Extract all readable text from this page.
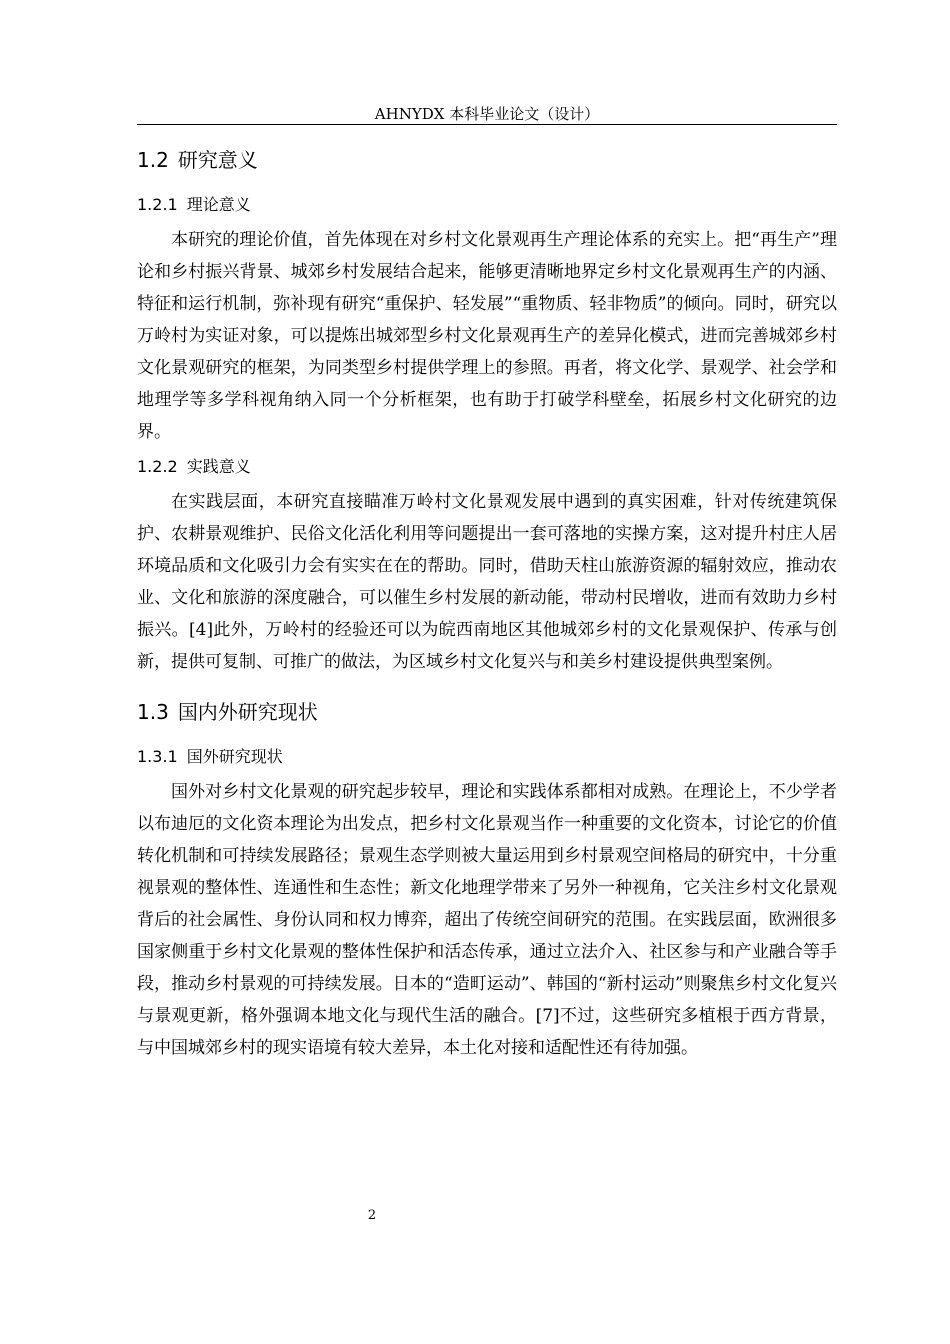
AHNYDX 本科毕业论文（设计）
1.2 研究意义
1.2.1 理论意义

本研究的理论价值，首先体现在对乡村文化景观再生产理论体系的充实上。把“再生产”理论和乡村振兴背景、城郊乡村发展结合起来，能够更清晰地界定乡村文化景观再生产的内涵、特征和运行机制，弥补现有研究“重保护、轻发展”“重物质、轻非物质”的倾向。同时，研究以万岭村为实证对象，可以提炼出城郊型乡村文化景观再生产的差异化模式，进而完善城郊乡村文化景观研究的框架，为同类型乡村提供学理上的参照。再者，将文化学、景观学、社会学和地理学等多学科视角纳入同一个分析框架，也有助于打破学科壁垒，拓展乡村文化研究的边界。

1.2.2 实践意义

在实践层面，本研究直接瞄准万岭村文化景观发展中遇到的真实困难，针对传统建筑保护、农耕景观维护、民俗文化活化利用等问题提出一套可落地的实操方案，这对提升村庄人居环境品质和文化吸引力会有实实在在的帮助。同时，借助天柱山旅游资源的辐射效应，推动农业、文化和旅游的深度融合，可以催生乡村发展的新动能，带动村民增收，进而有效助力乡村振兴。[4]此外，万岭村的经验还可以为皖西南地区其他城郊乡村的文化景观保护、传承与创新，提供可复制、可推广的做法，为区域乡村文化复兴与和美乡村建设提供典型案例。

1.3 国内外研究现状
1.3.1 国外研究现状

国外对乡村文化景观的研究起步较早，理论和实践体系都相对成熟。在理论上，不少学者以布迪厄的文化资本理论为出发点，把乡村文化景观当作一种重要的文化资本，讨论它的价值转化机制和可持续发展路径；景观生态学则被大量运用到乡村景观空间格局的研究中，十分重视景观的整体性、连通性和生态性；新文化地理学带来了另外一种视角，它关注乡村文化景观背后的社会属性、身份认同和权力博弈，超出了传统空间研究的范围。在实践层面，欧洲很多国家侧重于乡村文化景观的整体性保护和活态传承，通过立法介入、社区参与和产业融合等手段，推动乡村景观的可持续发展。日本的“造町运动”、韩国的“新村运动”则聚焦乡村文化复兴与景观更新，格外强调本地文化与现代生活的融合。[7]不过，这些研究多植根于西方背景，与中国城郊乡村的现实语境有较大差异，本土化对接和适配性还有待加强。

2
